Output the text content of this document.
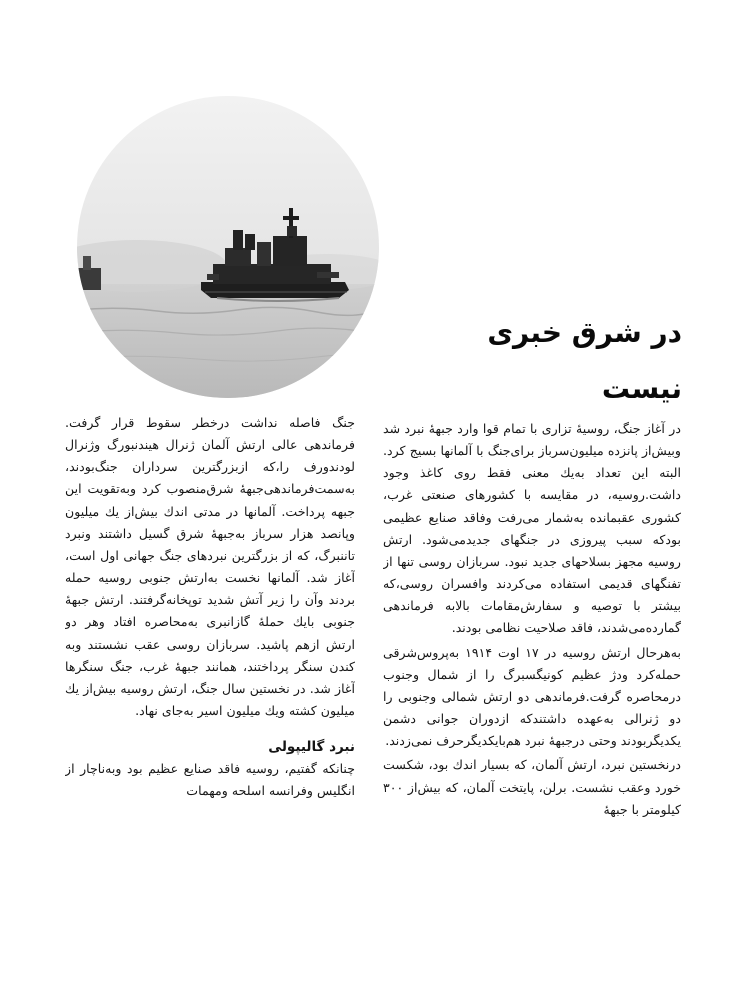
در شرق خبری نیست

در آغاز جنگ، روسیهٔ تزاری با تمام قوا وارد جبههٔ نبرد شد وبیش‌از پانزده میلیون‌سرباز برای‌جنگ با آلمانها بسیج کرد. البته این تعداد به‌یك معنی فقط روی كاغذ وجود داشت.روسیه، در مقایسه با كشورهای صنعتی غرب، كشوری عقبمانده به‌شمار می‌رفت وفاقد صنایع عظیمی بودكه سبب پیروزی در جنگهای جدیدمی‌شود. ارتش روسیه مجهز بسلاحهای جدید نبود. سربازان روسی تنها از تفنگهای قدیمی استفاده می‌كردند وافسران روسی،كه بیشتر با توصیه و سفارش‌مقامات بالابه فرماندهی گمارده‌می‌شدند، فاقد صلاحیت نظامی بودند.

به‌هرحال ارتش روسیه در ۱۷ اوت ۱۹۱۴ به‌پروس‌شرقی حمله‌كرد ودژ عظیم كونیگسبرگ را از شمال وجنوب درمحاصره گرفت.فرماندهی دو ارتش شمالی وجنوبی را دو ژنرالی به‌عهده داشتندكه ازدوران جوانی دشمن یكدیگربودند وحتی درجبههٔ نبرد هم‌بایكدیگرحرف نمی‌زدند.

درنخستین نبرد، ارتش آلمان، كه بسیار اندك بود، شكست خورد وعقب نشست. برلن، پایتخت آلمان، كه بیش‌از ۳۰۰ كیلومتر با جبههٔ

جنگ فاصله نداشت درخطر سقوط قرار گرفت. فرماندهی عالی ارتش آلمان ژنرال هیندنبورگ وژنرال لودندورف را،كه ازبزرگترین سرداران جنگ‌بودند، به‌سمت‌فرماندهی‌جبههٔ شرق‌منصوب كرد وبه‌تقویت این جبهه پرداخت. آلمانها در مدتی اندك بیش‌از یك میلیون وپانصد هزار سرباز به‌جبههٔ شرق گسیل داشتند ونبرد تاننبرگ، كه از بزرگترین نبردهای جنگ جهانی اول است، آغاز شد. آلمانها نخست به‌ارتش جنوبی روسیه حمله بردند وآن را زیر آتش شدید توپخانه‌گرفتند. ارتش جبههٔ جنوبی بایك حملهٔ گازانبری به‌محاصره افتاد وهر دو ارتش ازهم پاشید. سربازان روسی عقب نشستند وبه كندن سنگر پرداختند، همانند جبههٔ غرب، جنگ سنگرها آغاز شد. در نخستین سال جنگ، ارتش روسیه بیش‌از یك میلیون كشته ویك میلیون اسیر به‌جای نهاد.

نبرد گالیپولی

چنانكه گفتیم، روسیه فاقد صنایع عظیم بود وبه‌ناچار از انگلیس وفرانسه اسلحه ومهمات
